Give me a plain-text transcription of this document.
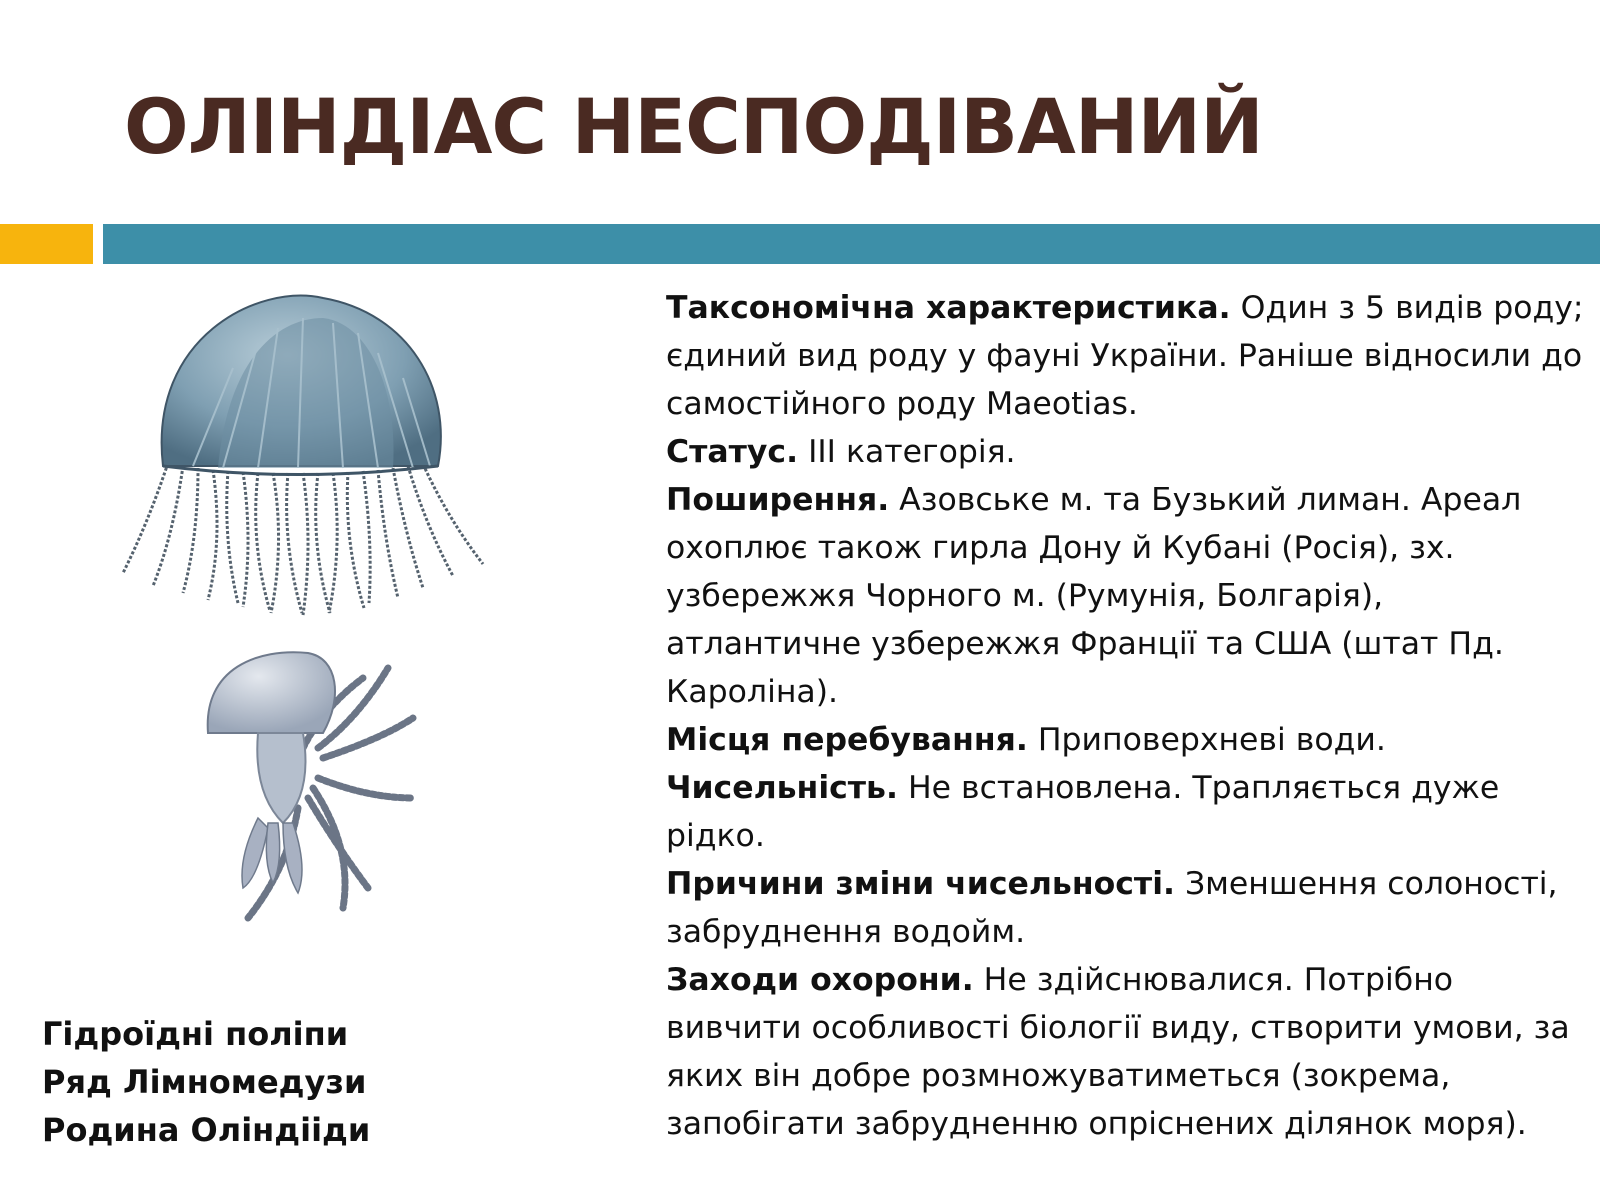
ОЛІНДІАС НЕСПОДІВАНИЙ

Таксономічна характеристика. Один з 5 видів роду; єдиний вид роду у фауні України. Раніше відносили до самостійного роду Maeotias.

Статус. ІІІ категорія.

Поширення. Азовське м. та Бузький лиман. Ареал охоплює також гирла Дону й Кубані (Росія), зх. узбережжя Чорного м. (Румунія, Болгарія), атлантичне узбережжя Франції та США (штат Пд. Кароліна).

Місця перебування. Приповерхневі води.

Чисельність. Не встановлена. Трапляється дуже рідко.

Причини зміни чисельності. Зменшення солоності, забруднення водойм.

Заходи охорони. Не здійснювалися. Потрібно вивчити особливості біології виду, створити умови, за яких він добре розмножуватиметься (зокрема, запобігати забрудненню опріснених ділянок моря).

Гідроїдні поліпи
Ряд Лімномедузи
Родина Оліндііди
